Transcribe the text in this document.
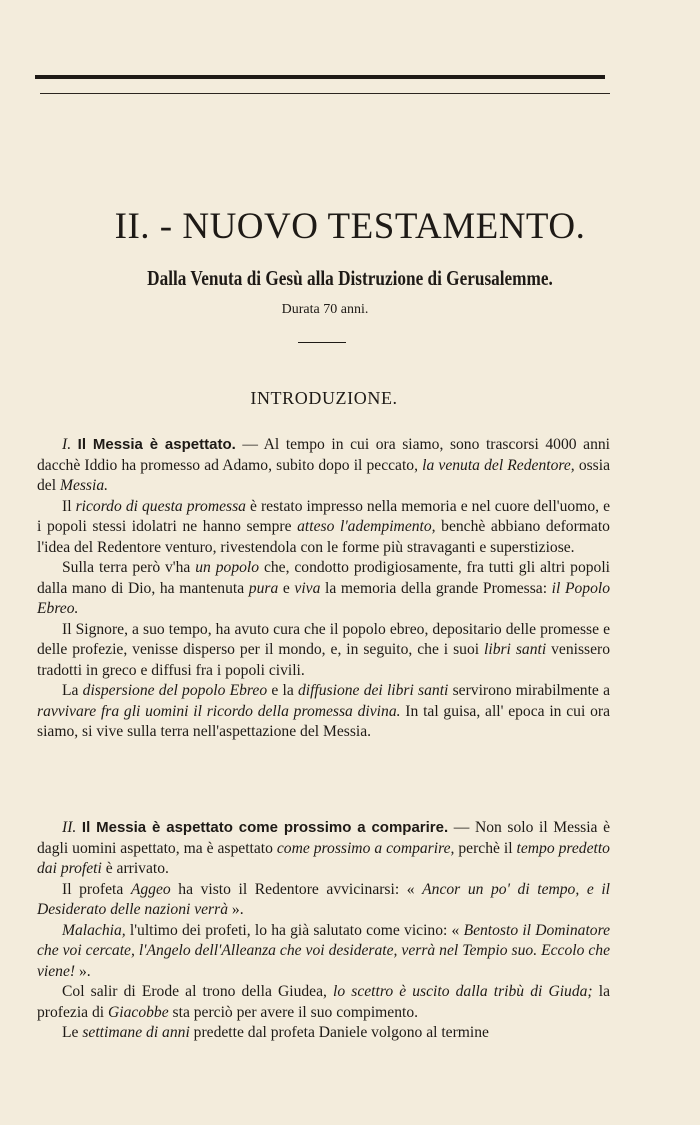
II. - NUOVO TESTAMENTO.
Dalla Venuta di Gesù alla Distruzione di Gerusalemme.
Durata 70 anni.
INTRODUZIONE.

I. Il Messia è aspettato. — Al tempo in cui ora siamo, sono trascorsi 4000 anni dacchè Iddio ha promesso ad Adamo, subito dopo il peccato, la venuta del Redentore, ossia del Messia.

Il ricordo di questa promessa è restato impresso nella memoria e nel cuore dell'uomo, e i popoli stessi idolatri ne hanno sempre atteso l'adempimento, benchè abbiano deformato l'idea del Redentore venturo, rivestendola con le forme più stravaganti e superstiziose.

Sulla terra però v'ha un popolo che, condotto prodigiosamente, fra tutti gli altri popoli dalla mano di Dio, ha mantenuta pura e viva la memoria della grande Promessa: il Popolo Ebreo.

Il Signore, a suo tempo, ha avuto cura che il popolo ebreo, depositario delle promesse e delle profezie, venisse disperso per il mondo, e, in seguito, che i suoi libri santi venissero tradotti in greco e diffusi fra i popoli civili.

La dispersione del popolo Ebreo e la diffusione dei libri santi servirono mirabilmente a ravvivare fra gli uomini il ricordo della promessa divina. In tal guisa, all' epoca in cui ora siamo, si vive sulla terra nell'aspettazione del Messia.

II. Il Messia è aspettato come prossimo a comparire. — Non solo il Messia è dagli uomini aspettato, ma è aspettato come prossimo a comparire, perchè il tempo predetto dai profeti è arrivato.

Il profeta Aggeo ha visto il Redentore avvicinarsi: « Ancor un po' di tempo, e il Desiderato delle nazioni verrà ».

Malachia, l'ultimo dei profeti, lo ha già salutato come vicino: « Bentosto il Dominatore che voi cercate, l'Angelo dell'Alleanza che voi desiderate, verrà nel Tempio suo. Eccolo che viene! ».

Col salir di Erode al trono della Giudea, lo scettro è uscito dalla tribù di Giuda; la profezia di Giacobbe sta perciò per avere il suo compimento.

Le settimane di anni predette dal profeta Daniele volgono al termine
